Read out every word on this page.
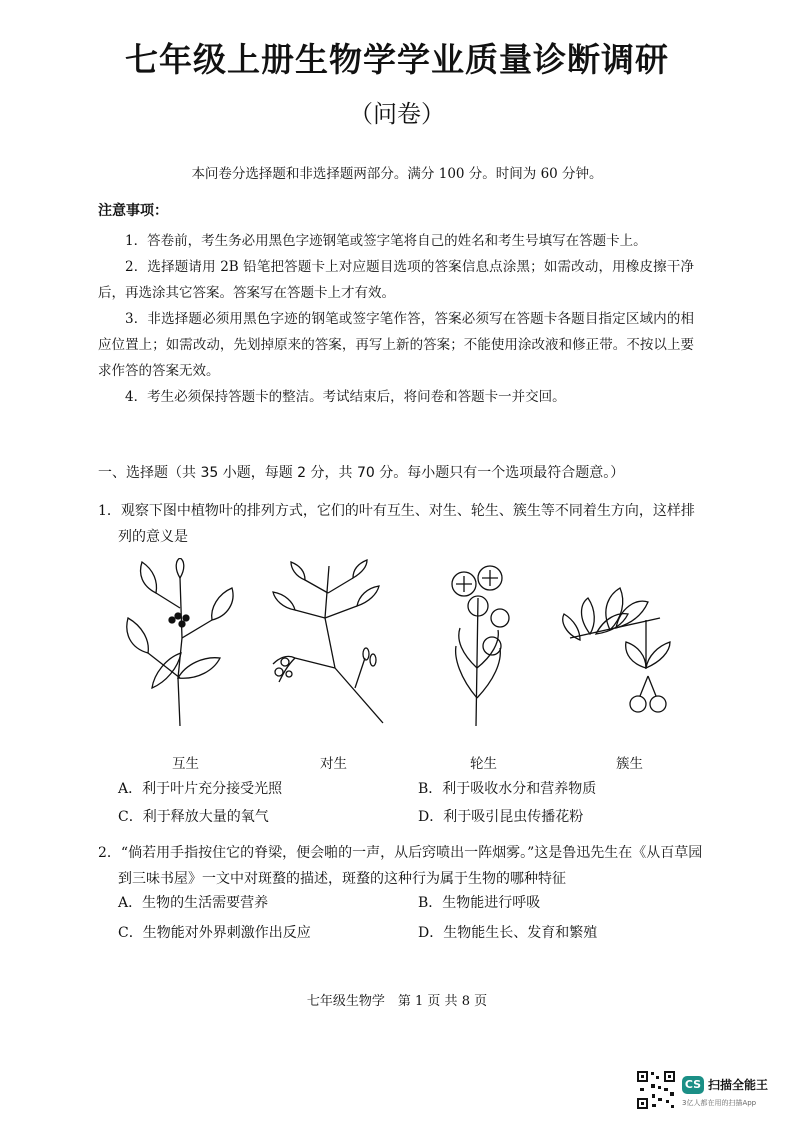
七年级上册生物学学业质量诊断调研
（问卷）
本问卷分选择题和非选择题两部分。满分 100 分。时间为 60 分钟。
注意事项：

1．答卷前，考生务必用黑色字迹钢笔或签字笔将自己的姓名和考生号填写在答题卡上。

2．选择题请用 2B 铅笔把答题卡上对应题目选项的答案信息点涂黑；如需改动，用橡皮擦干净后，再选涂其它答案。答案写在答题卡上才有效。

3．非选择题必须用黑色字迹的钢笔或签字笔作答，答案必须写在答题卡各题目指定区域内的相应位置上；如需改动，先划掉原来的答案，再写上新的答案；不能使用涂改液和修正带。不按以上要求作答的答案无效。

4．考生必须保持答题卡的整洁。考试结束后，将问卷和答题卡一并交回。

一、选择题（共 35 小题，每题 2 分，共 70 分。每小题只有一个选项最符合题意。）
1．观察下图中植物叶的排列方式，它们的叶有互生、对生、轮生、簇生等不同着生方向，这样排列的意义是
互生	对生	轮生	簇生
A．利于叶片充分接受光照	B．利于吸收水分和营养物质
C．利于释放大量的氧气	D．利于吸引昆虫传播花粉
2．“倘若用手指按住它的脊梁，便会啪的一声，从后窍喷出一阵烟雾。”这是鲁迅先生在《从百草园到三味书屋》一文中对斑蝥的描述，斑蝥的这种行为属于生物的哪种特征
A．生物的生活需要营养	B．生物能进行呼吸
C．生物能对外界刺激作出反应	D．生物能生长、发育和繁殖
七年级生物学　第 1 页 共 8 页
CS 扫描全能王
3亿人都在用的扫描App
